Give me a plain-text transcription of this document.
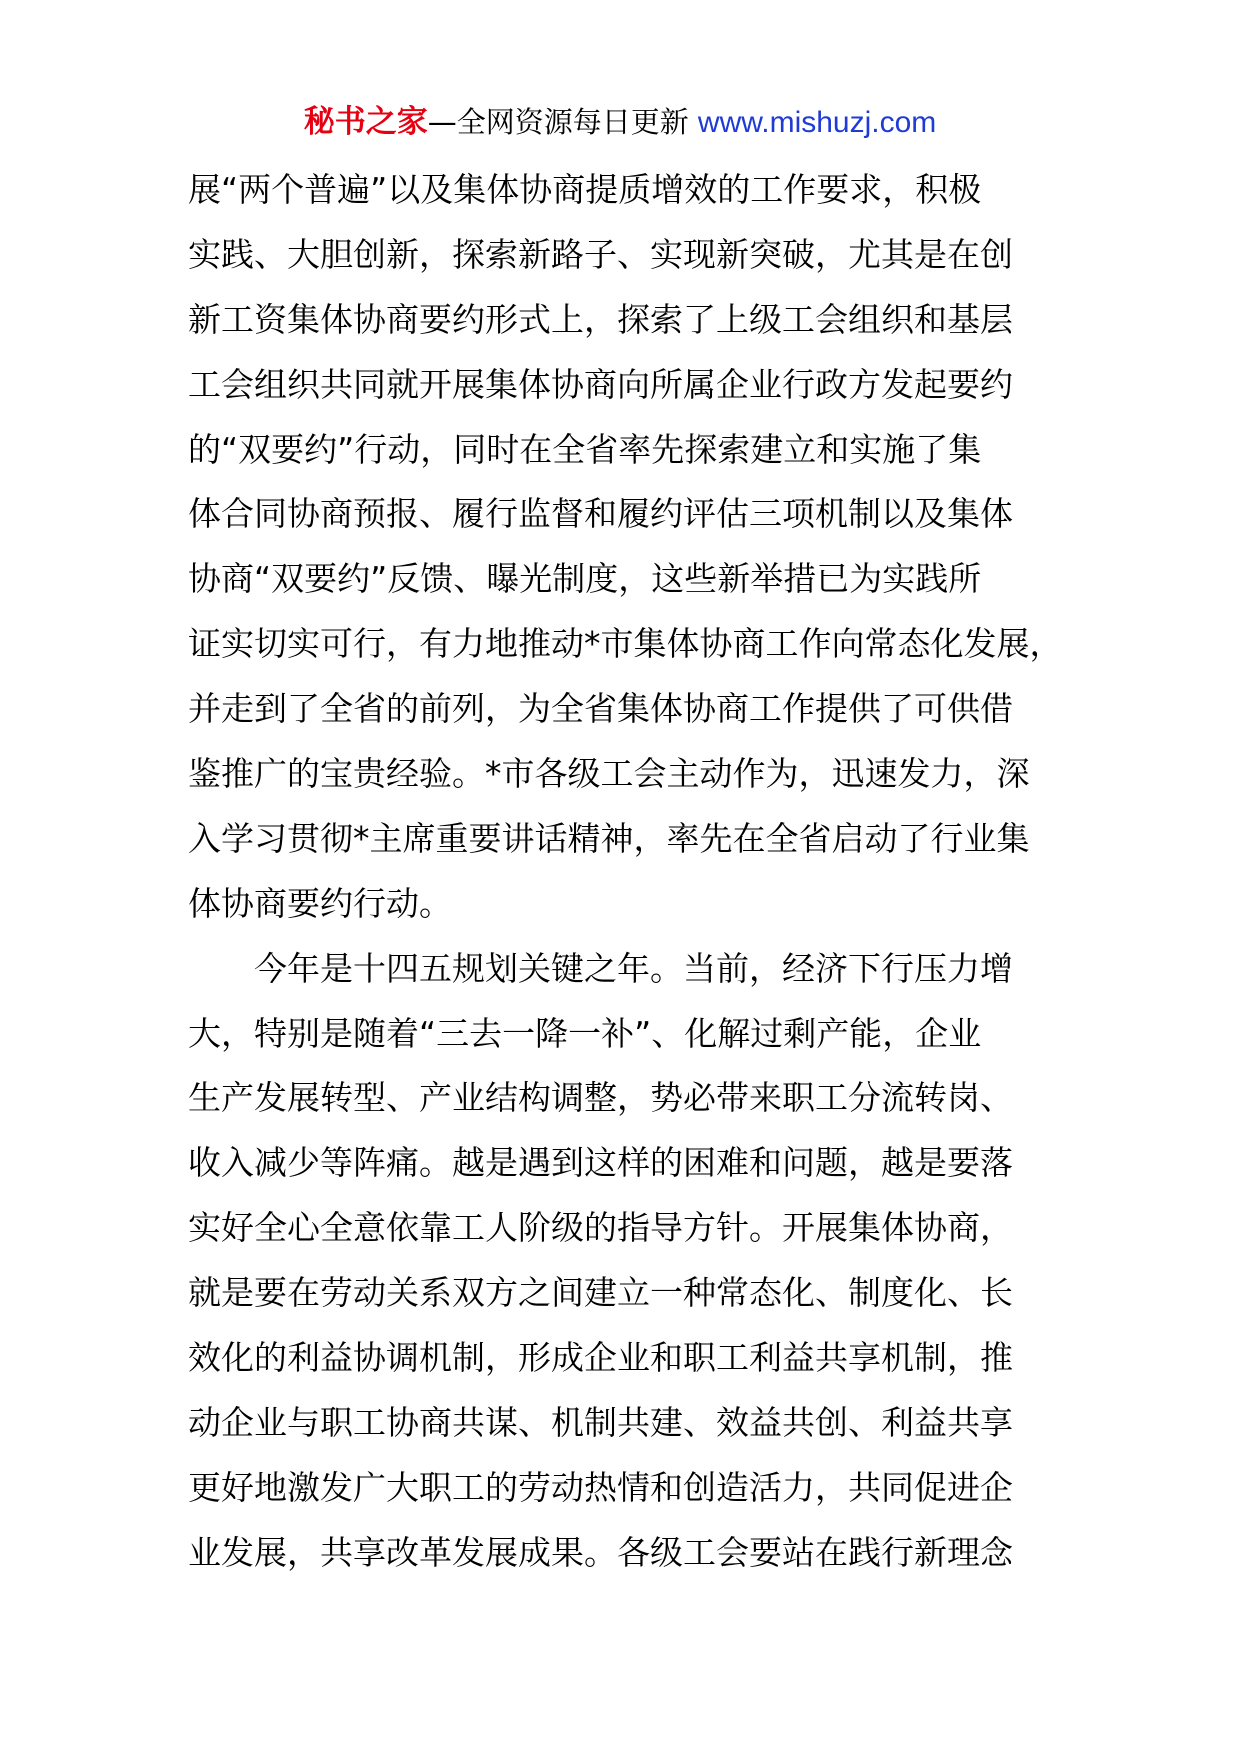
秘书之家—全网资源每日更新 www.mishuzj.com
展“两个普遍”以及集体协商提质增效的工作要求，积极
实践、大胆创新，探索新路子、实现新突破，尤其是在创
新工资集体协商要约形式上，探索了上级工会组织和基层
工会组织共同就开展集体协商向所属企业行政方发起要约
的“双要约”行动，同时在全省率先探索建立和实施了集
体合同协商预报、履行监督和履约评估三项机制以及集体
协商“双要约”反馈、曝光制度，这些新举措已为实践所
证实切实可行，有力地推动*市集体协商工作向常态化发展，
并走到了全省的前列，为全省集体协商工作提供了可供借
鉴推广的宝贵经验。*市各级工会主动作为，迅速发力，深
入学习贯彻*主席重要讲话精神，率先在全省启动了行业集
体协商要约行动。
今年是十四五规划关键之年。当前，经济下行压力增
大，特别是随着“三去一降一补”、化解过剩产能，企业
生产发展转型、产业结构调整，势必带来职工分流转岗、
收入减少等阵痛。越是遇到这样的困难和问题，越是要落
实好全心全意依靠工人阶级的指导方针。开展集体协商，
就是要在劳动关系双方之间建立一种常态化、制度化、长
效化的利益协调机制，形成企业和职工利益共享机制，推
动企业与职工协商共谋、机制共建、效益共创、利益共享
更好地激发广大职工的劳动热情和创造活力，共同促进企
业发展，共享改革发展成果。各级工会要站在践行新理念
